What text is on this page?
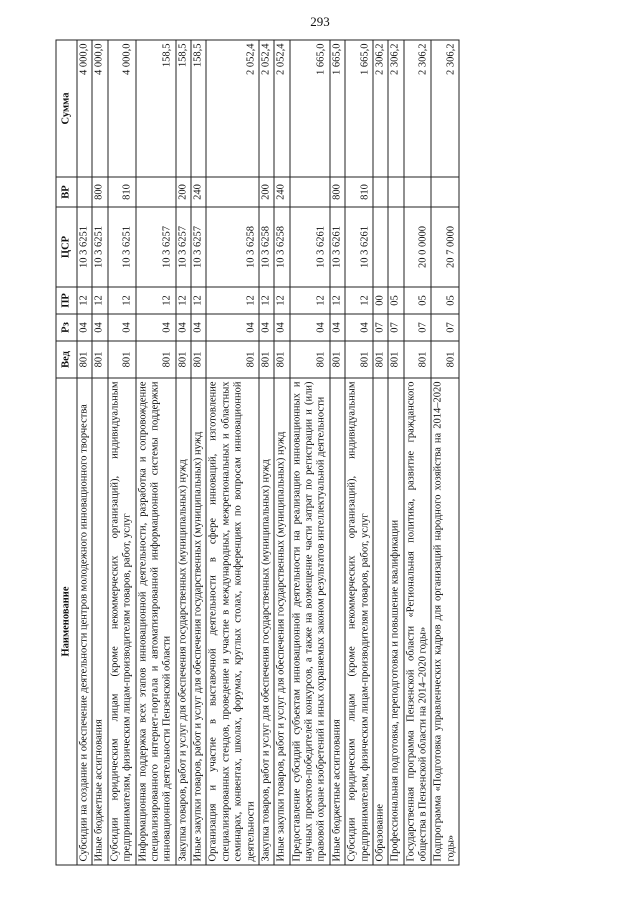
293
Наименование	Вед	Рз	ПР	ЦСР	ВР	Сумма
Субсидии на создание и обеспечение деятельности центров молодежного инновационного творчества	801	04	12	10 3 6251		4 000,0
Иные бюджетные ассигнования	801	04	12	10 3 6251	800	4 000,0
Субсидии юридическим лицам (кроме некоммерческих организаций), индивидуальным предпринимателям, физическим лицам-производителям товаров, работ, услуг	801	04	12	10 3 6251	810	4 000,0
Информационная поддержка всех этапов инновационной деятельности, разработка и сопровождение специализированного интернет-портала и автоматизированной информационной системы поддержки инновационной деятельности Пензенской области	801	04	12	10 3 6257		158,5
Закупка товаров, работ и услуг для обеспечения государственных (муниципальных) нужд	801	04	12	10 3 6257	200	158,5
Иные закупки товаров, работ и услуг для обеспечения государственных (муниципальных) нужд	801	04	12	10 3 6257	240	158,5
Организация и участие в выставочной деятельности в сфере инноваций, изготовление специализированных стендов, проведение и участие в международных, межрегиональных и областных семинарах, конвентах, школах, форумах, круглых столах, конференциях по вопросам инновационной деятельности	801	04	12	10 3 6258		2 052,4
Закупка товаров, работ и услуг для обеспечения государственных (муниципальных) нужд	801	04	12	10 3 6258	200	2 052,4
Иные закупки товаров, работ и услуг для обеспечения государственных (муниципальных) нужд	801	04	12	10 3 6258	240	2 052,4
Предоставление субсидий субъектам инновационной деятельности на реализацию инновационных и научных проектов-победителей конкурсов, а также на возмещение части затрат по регистрации и (или) правовой охране изобретений и иных охраняемых законом результатов интеллектуальной деятельности	801	04	12	10 3 6261		1 665,0
Иные бюджетные ассигнования	801	04	12	10 3 6261	800	1 665,0
Субсидии юридическим лицам (кроме некоммерческих организаций), индивидуальным предпринимателям, физическим лицам-производителям товаров, работ, услуг	801	04	12	10 3 6261	810	1 665,0
Образование	801	07	00			2 306,2
Профессиональная подготовка, переподготовка и повышение квалификации	801	07	05			2 306,2
Государственная программа Пензенской области «Региональная политика, развитие гражданского общества в Пензенской области на 2014–2020 годы»	801	07	05	20 0 0000		2 306,2
Подпрограмма «Подготовка управленческих кадров для организаций народного хозяйства на 2014–2020 годы»	801	07	05	20 7 0000		2 306,2
